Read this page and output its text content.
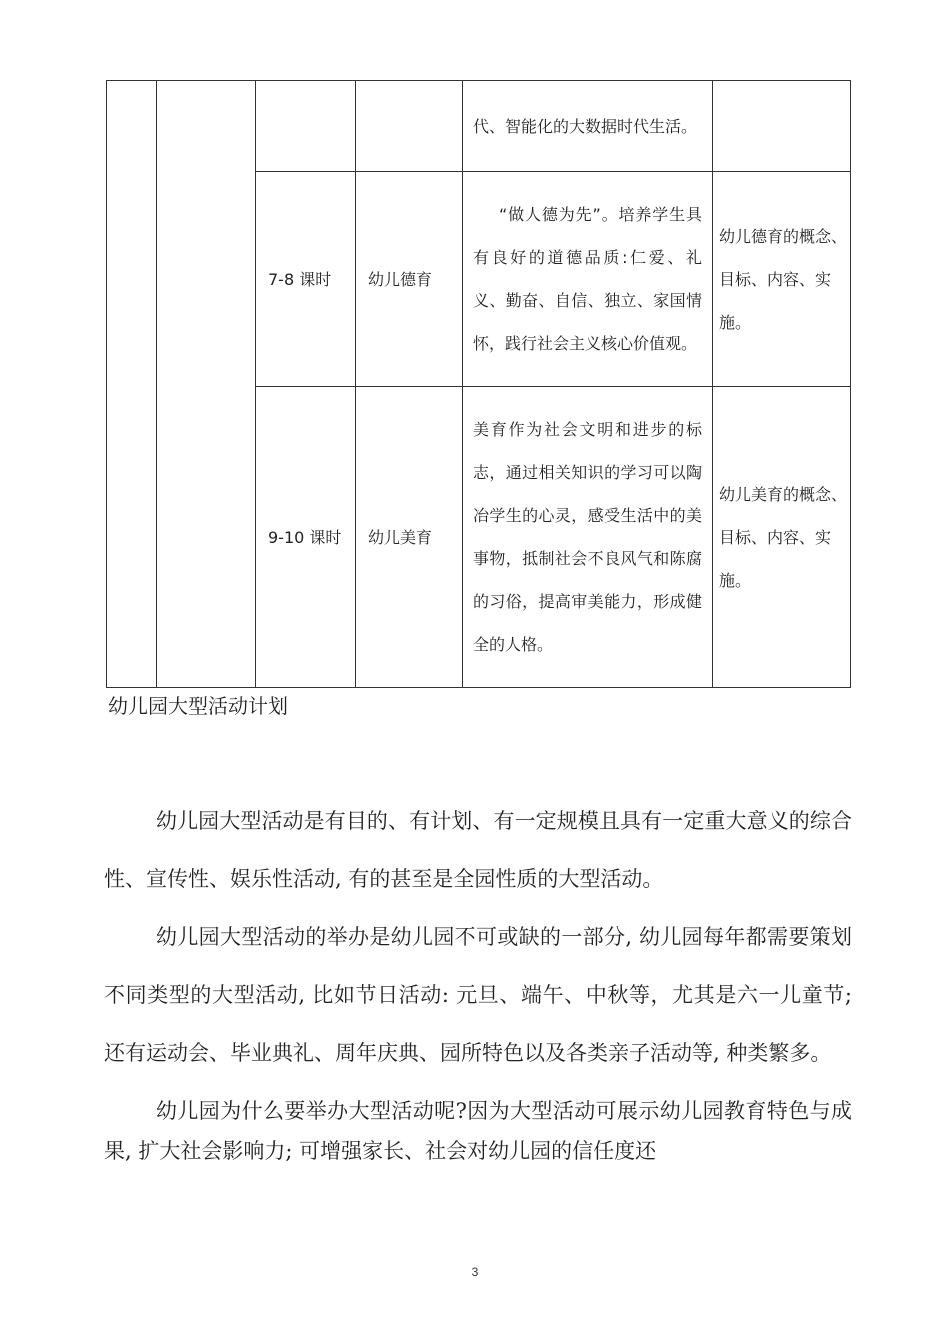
				代、智能化的大数据时代生活。	

		7-8 课时	幼儿德育	“做人德为先”。培养学生具有良好的道德品质:仁爱、礼义、勤奋、自信、独立、家国情怀，践行社会主义核心价值观。	幼儿德育的概念、目标、内容、实施。
		9-10 课时	幼儿美育	美育作为社会文明和进步的标志，通过相关知识的学习可以陶冶学生的心灵，感受生活中的美事物，抵制社会不良风气和陈腐的习俗，提高审美能力，形成健全的人格。	幼儿美育的概念、目标、内容、实施。
幼儿园大型活动计划

幼儿园大型活动是有目的、有计划、有一定规模且具有一定重大意义的综合性、宣传性、娱乐性活动, 有的甚至是全园性质的大型活动。

幼儿园大型活动的举办是幼儿园不可或缺的一部分, 幼儿园每年都需要策划不同类型的大型活动, 比如节日活动: 元旦、端午、中秋等，尤其是六一儿童节; 还有运动会、毕业典礼、周年庆典、园所特色以及各类亲子活动等, 种类繁多。

幼儿园为什么要举办大型活动呢?因为大型活动可展示幼儿园教育特色与成果, 扩大社会影响力; 可增强家长、社会对幼儿园的信任度还

3
